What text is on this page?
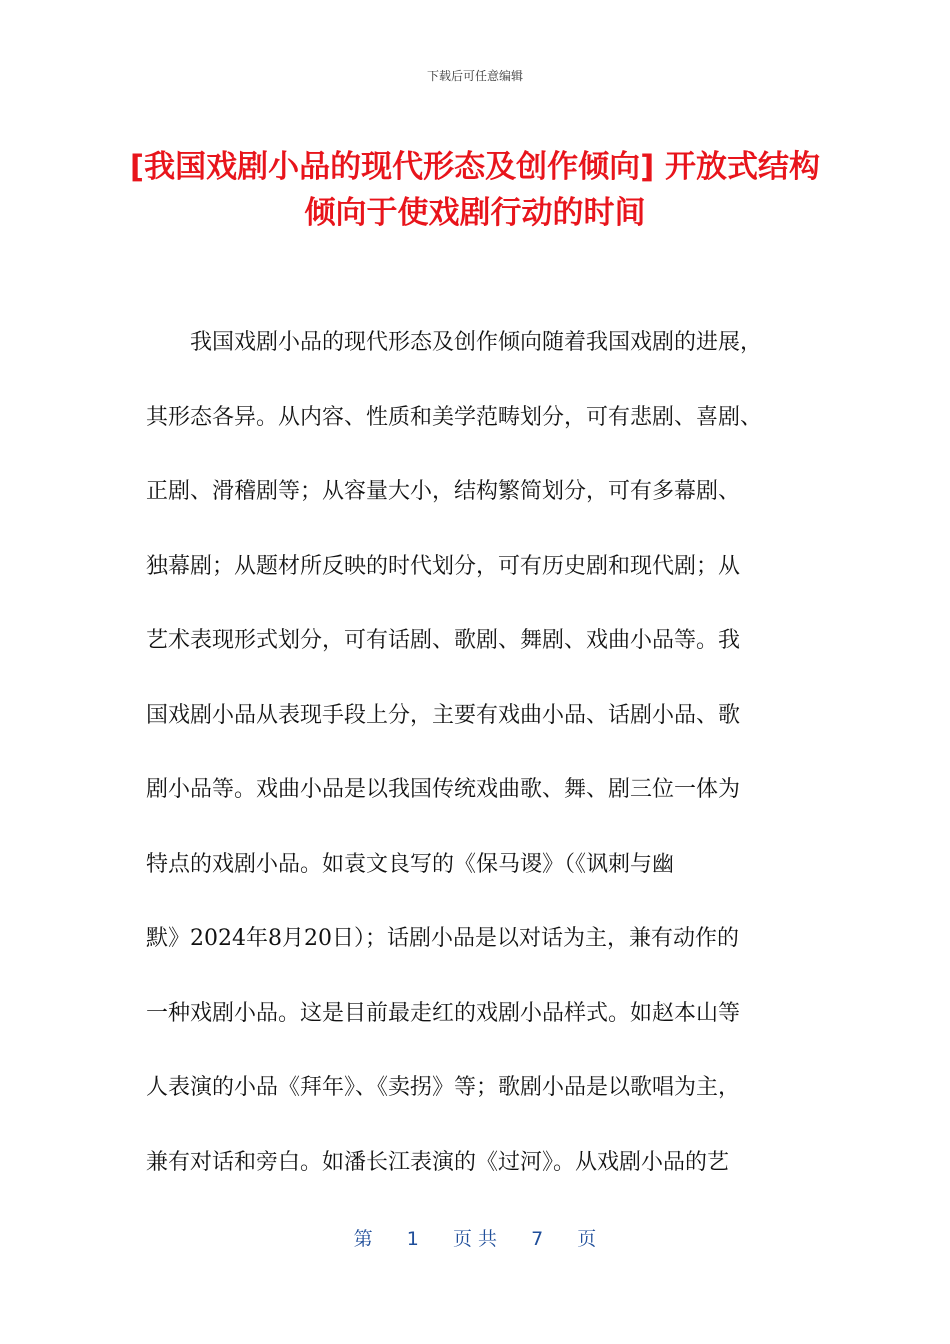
下载后可任意编辑
[我国戏剧小品的现代形态及创作倾向] 开放式结构倾向于使戏剧行动的时间
　　我国戏剧小品的现代形态及创作倾向随着我国戏剧的进展，
其形态各异。从内容、性质和美学范畴划分，可有悲剧、喜剧、
正剧、滑稽剧等；从容量大小，结构繁简划分，可有多幕剧、
独幕剧；从题材所反映的时代划分，可有历史剧和现代剧；从
艺术表现形式划分，可有话剧、歌剧、舞剧、戏曲小品等。我
国戏剧小品从表现手段上分，主要有戏曲小品、话剧小品、歌
剧小品等。戏曲小品是以我国传统戏曲歌、舞、剧三位一体为
特点的戏剧小品。如袁文良写的《保马谡》（《讽刺与幽
默》2024年8月20日）；话剧小品是以对话为主，兼有动作的
一种戏剧小品。这是目前最走红的戏剧小品样式。如赵本山等
人表演的小品《拜年》、《卖拐》等；歌剧小品是以歌唱为主，
兼有对话和旁白。如潘长江表演的《过河》。从戏剧小品的艺
第 1 页 共 7 页
